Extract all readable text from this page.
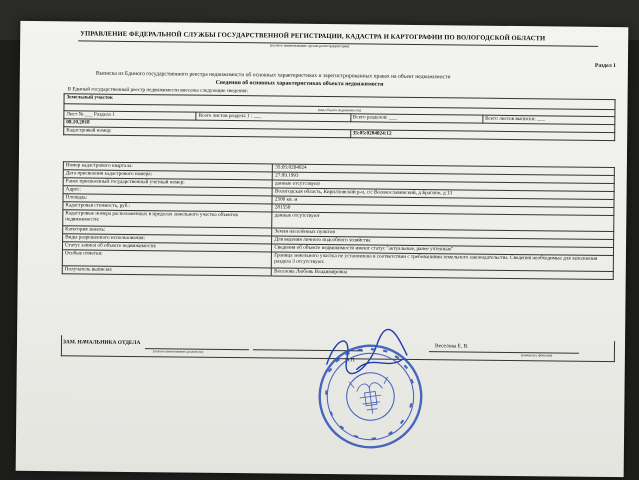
УПРАВЛЕНИЕ ФЕДЕРАЛЬНОЙ СЛУЖБЫ ГОСУДАРСТВЕННОЙ РЕГИСТРАЦИИ, КАДАСТРА И КАРТОГРАФИИ ПО ВОЛОГОДСКОЙ ОБЛАСТИ
(полное наименование органа регистрации прав)
Раздел 1
Выписка из Единого государственного реестра недвижимости об основных характеристиках и зарегистрированных правах на объект недвижимости
Сведения об основных характеристиках объекта недвижимости
В Единый государственный реестр недвижимости внесены следующие сведения:
Земельный участок			
(вид объекта недвижимости)			
Лист № ___ Раздела 1	Всего листов раздела 1 : ___	Всего разделов: ___	Всего листов выписки: ___
08.10.2018			
Кадастровый номер:		35:05:0204024:12	
Номер кадастрового квартала:	35:05:0204024
Дата присвоения кадастрового номера:	27.09.1993
Ранее присвоенный государственный учетный номер:	данные отсутствуют
Адрес:	Вологодская область, Кирилловский р-н, с/с Волокославинский, д Брагино, д 13
Площадь:	2500 кв. м
Кадастровая стоимость, руб.:	281550
Кадастровые номера расположенных в пределах земельного участка объектов недвижимости:	данные отсутствуют
Категория земель:	Земли населённых пунктов
Виды разрешенного использования:	Для ведения личного подсобного хозяйства
Статус записи об объекте недвижимости:	Сведения об объекте недвижимости имеют статус "актуальные, ранее учтенные"
Особые отметки:	Граница земельного участка не установлена в соответствии с требованиями земельного законодательства. Сведения необходимые для заполнения раздела 3 отсутствуют.
Получатель выписки:	Веселова Любовь Владимировна
ЗАМ. НАЧАЛЬНИКА ОТДЕЛА
(полное наименование должности)
Веселова Е. В.
(инициалы, фамилия)
М.П.
